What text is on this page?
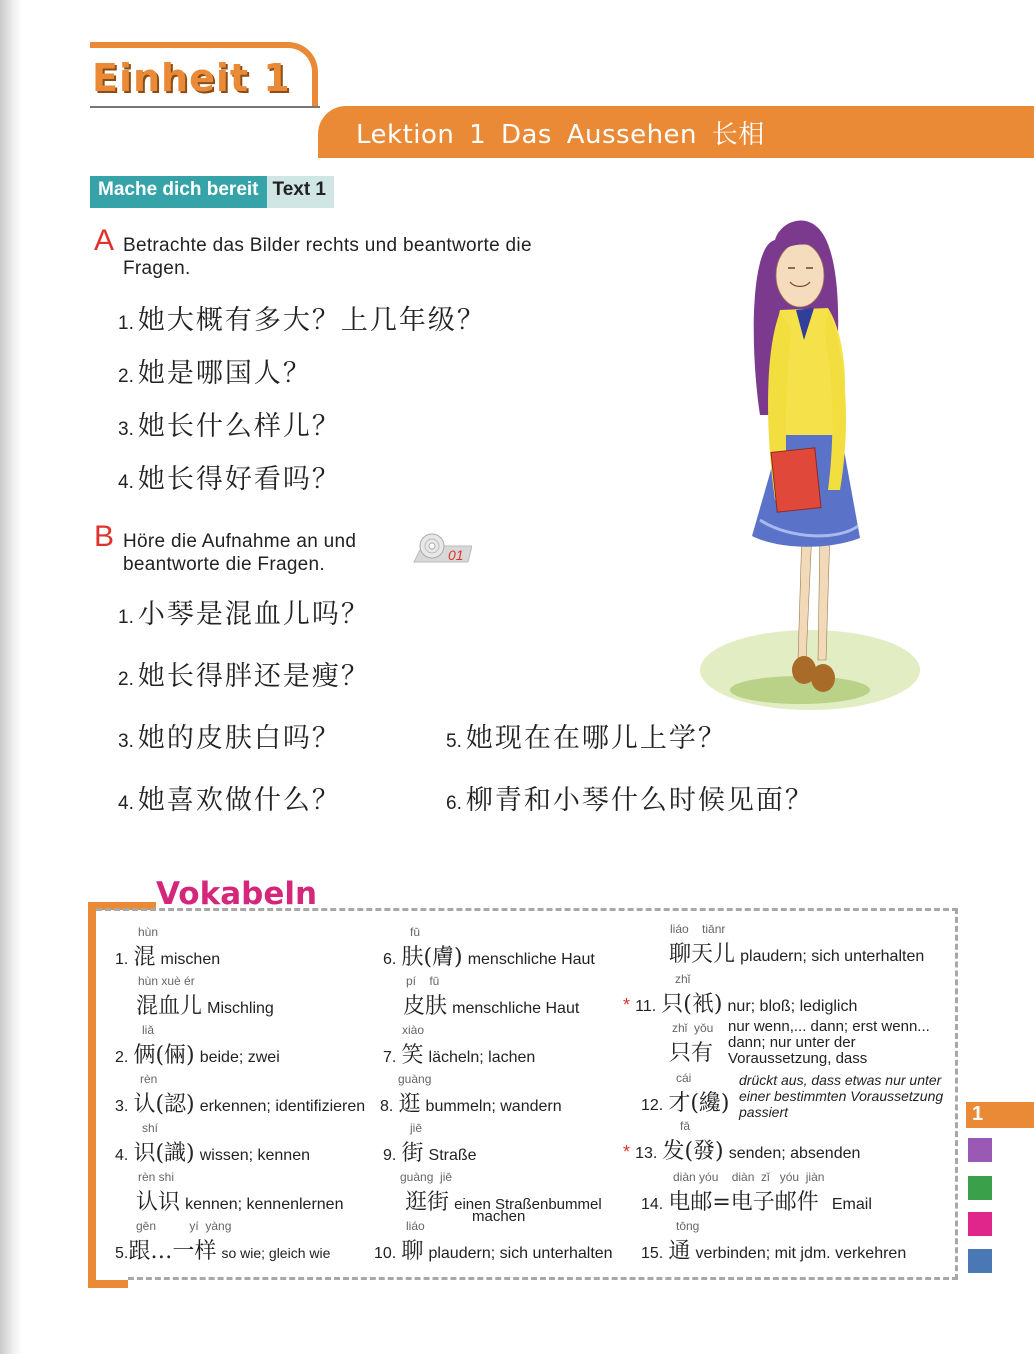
Einheit 1
Lektion 1 Das Aussehen 长相
Mache dich bereit Text 1
A Betrachte das Bilder rechts und beantworte die Fragen.
1. 她大概有多大？上几年级？
2. 她是哪国人？
3. 她长什么样儿？
4. 她长得好看吗？
B Höre die Aufnahme an und
beantworte die Fragen.	01
1. 小琴是混血儿吗？
2. 她长得胖还是瘦？
3. 她的皮肤白吗？
4. 她喜欢做什么？
5. 她现在在哪儿上学？
6. 柳青和小琴什么时候见面？
Vokabeln
hùn
1. 混 mischen
hùn xuè ér
混血儿 Mischling
liǎ
2. 俩(倆) beide; zwei
rèn
3. 认(認) erkennen; identifizieren
shí
4. 识(識) wissen; kennen
rèn shi
认识 kennen; kennenlernen
gēn          yí  yàng
5.跟…一样 so wie; gleich wie
fū
6. 肤(膚) menschliche Haut
pí    fū
皮肤 menschliche Haut
xiào
7. 笑 lächeln; lachen
guàng
8. 逛 bummeln; wandern
jiē
9. 街 Straße
guàng  jiē
逛街 einen Straßenbummel
machen
liáo
10. 聊 plaudern; sich unterhalten
liáo    tiānr
聊天儿 plaudern; sich unterhalten
zhǐ
* 11. 只(衹) nur; bloß; lediglich
zhǐ  yǒu
只有
nur wenn,... dann; erst wenn...
dann; nur unter der
Voraussetzung, dass
cái
12. 才(纔)
drückt aus, dass etwas nur unter
einer bestimmten Voraussetzung
passiert
fā
* 13. 发(發) senden; absenden
diàn yóu    diàn  zǐ   yóu  jiàn
14. 电邮=电子邮件 Email
tōng
15. 通 verbinden; mit jdm. verkehren
1
